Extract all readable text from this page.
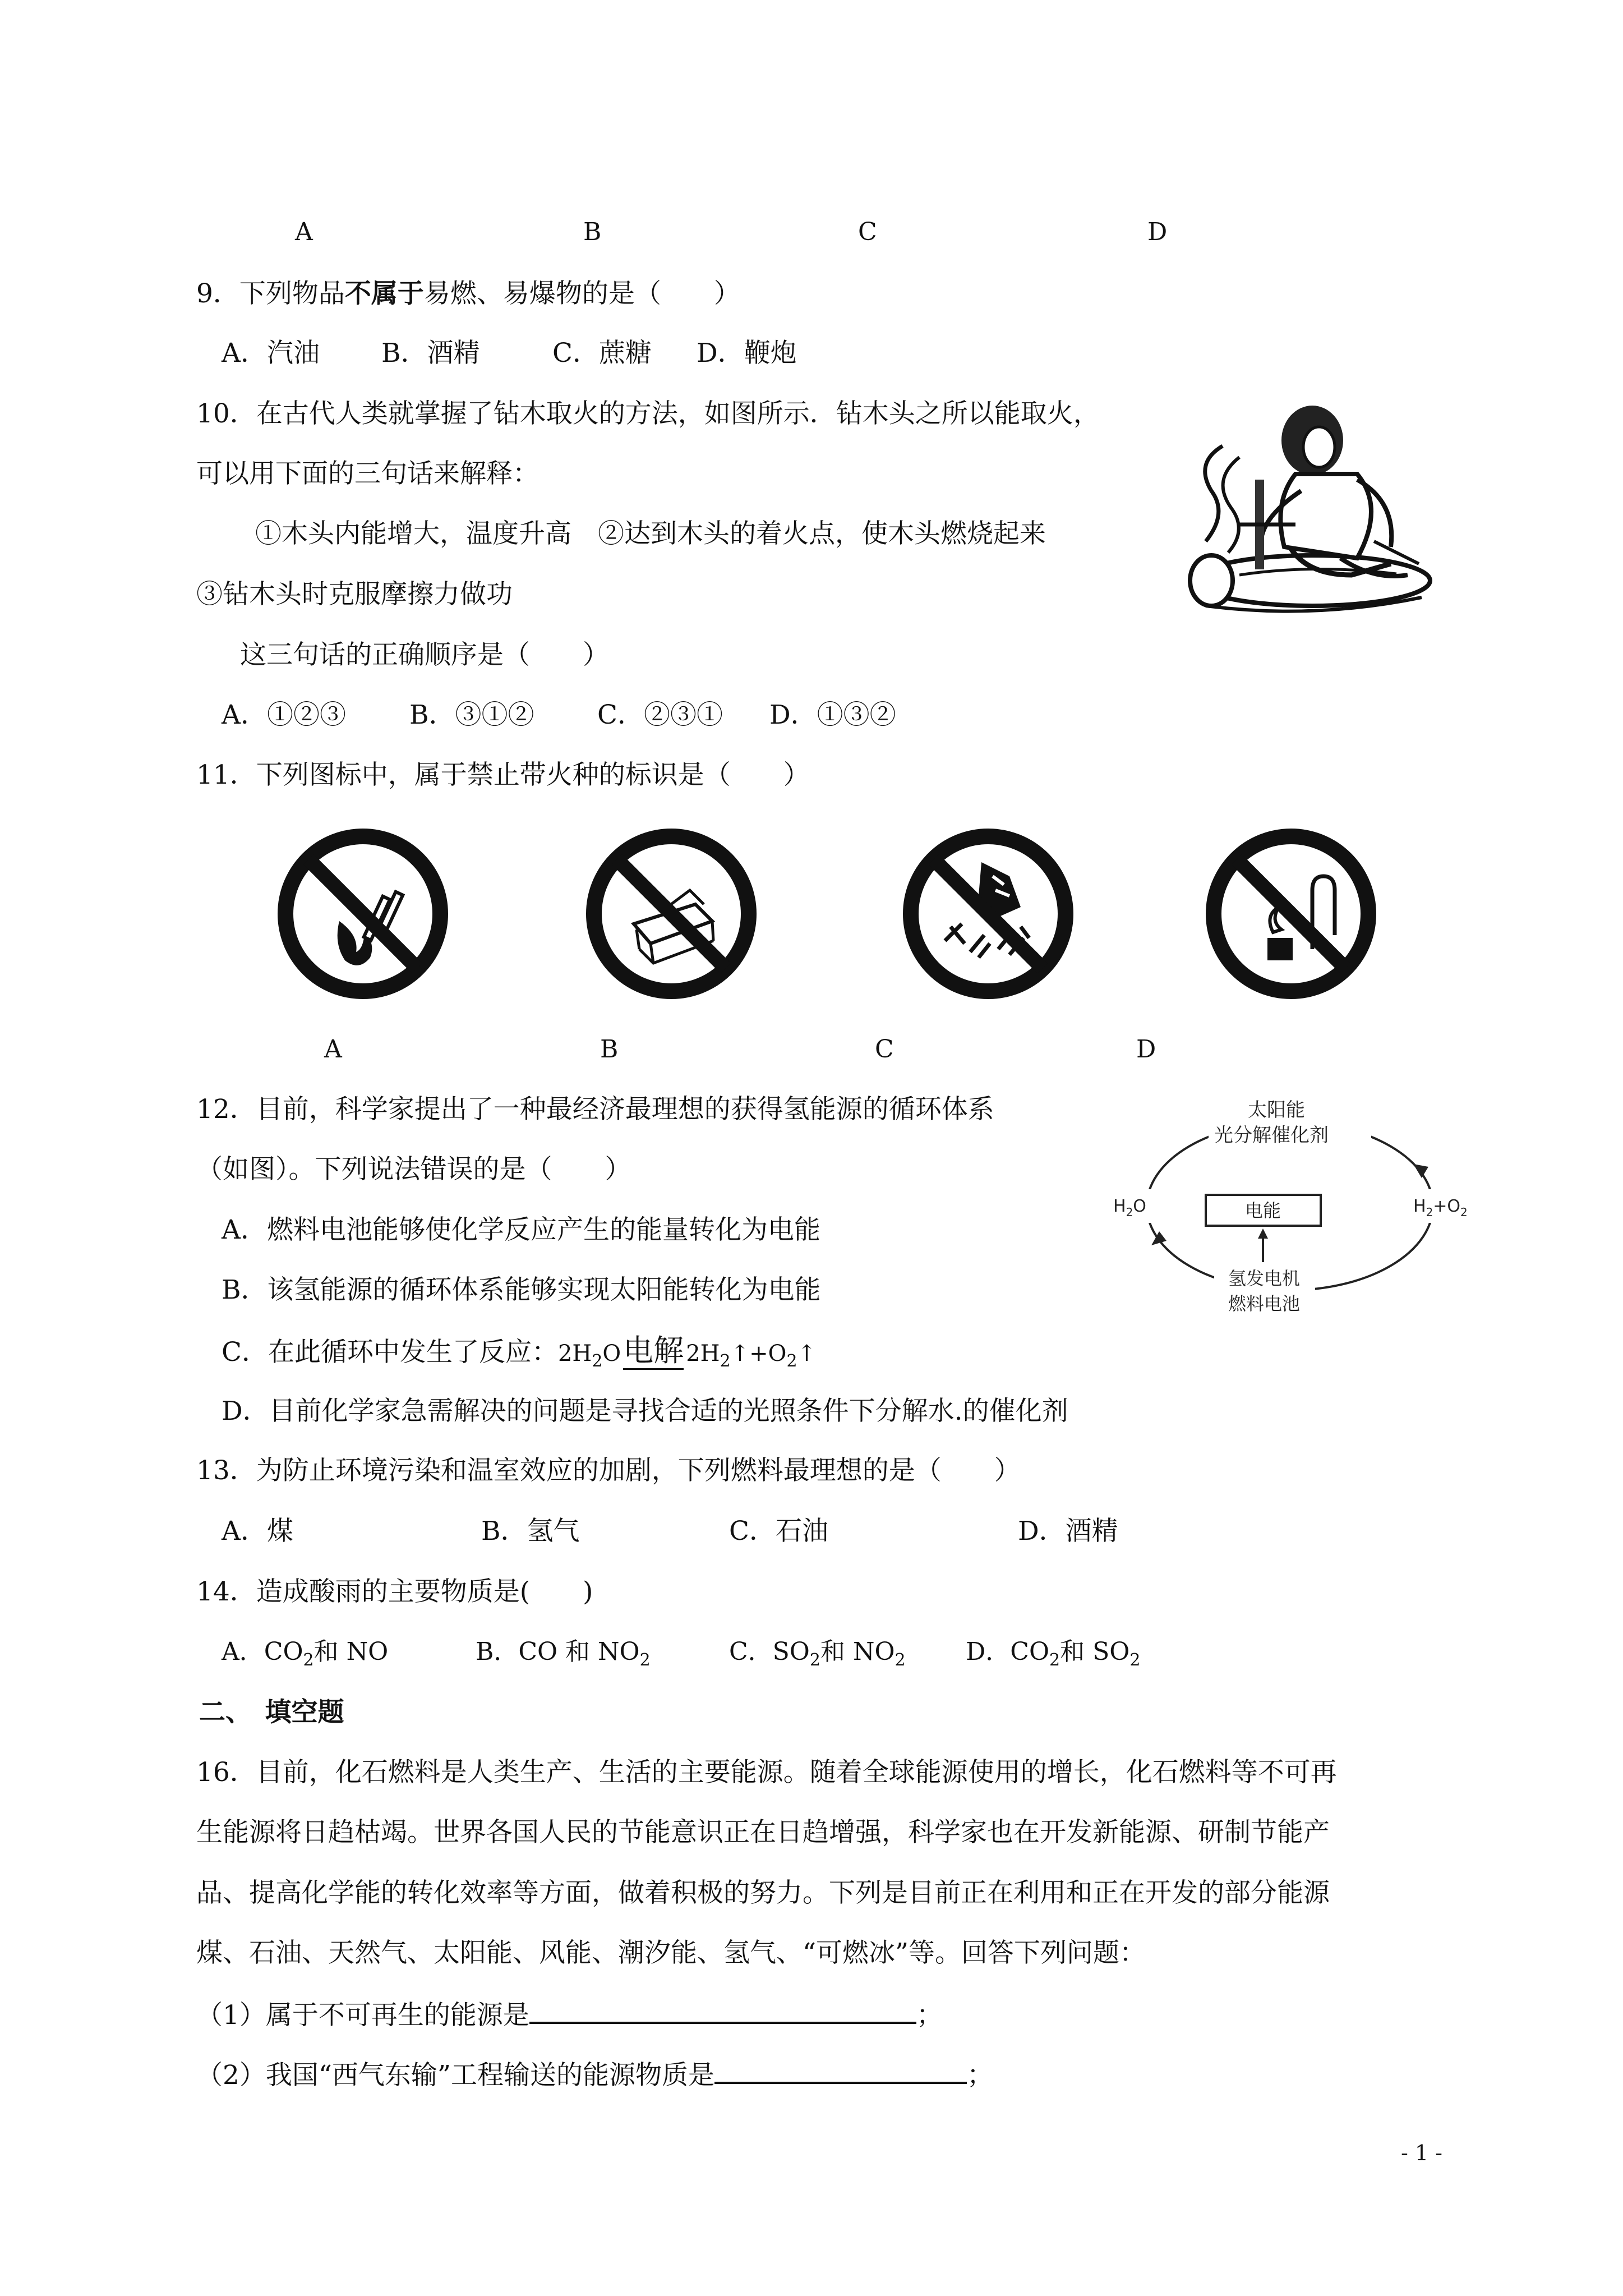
A	B	C	D
9．下列物品不属于易燃、易爆物的是（　　）
A．汽油 B．酒精	C．蔗糖 D．鞭炮
10．在古代人类就掌握了钻木取火的方法，如图所示．钻木头之所以能取火，
可以用下面的三句话来解释：
①木头内能增大，温度升高　②达到木头的着火点，使木头燃烧起来
③钻木头时克服摩擦力做功
这三句话的正确顺序是（　　）
A．①②③ B．③①② C．②③① D．①③②
11．下列图标中，属于禁止带火种的标识是（　　）
A	B	C	D
12．目前，科学家提出了一种最经济最理想的获得氢能源的循环体系
（如图）。下列说法错误的是（　　）
A．燃料电池能够使化学反应产生的能量转化为电能
B．该氢能源的循环体系能够实现太阳能转化为电能
C．在此循环中发生了反应：$2H_2O$电解 $2H_2↑+O_2↑$
D．目前化学家急需解决的问题是寻找合适的光照条件下分解水.的催化剂
太阳能
光分解催化剂
$H_2O$	$H_2+O_2$
电能
氢发电机
燃料电池
13．为防止环境污染和温室效应的加剧，下列燃料最理想的是（　　）
A．煤	B．氢气	C．石油	D．酒精
14．造成酸雨的主要物质是(　　)
A．$CO_2$和 NO	B．CO 和 $NO_2$	C．$SO_2$和 $NO_2$ D．$CO_2$和 $SO_2$
二、　填空题
16．目前，化石燃料是人类生产、生活的主要能源。随着全球能源使用的增长，化石燃料等不可再
生能源将日趋枯竭。世界各国人民的节能意识正在日趋增强，科学家也在开发新能源、研制节能产
品、提高化学能的转化效率等方面，做着积极的努力。下列是目前正在利用和正在开发的部分能源
煤、石油、天然气、太阳能、风能、潮汐能、氢气、“可燃冰”等。回答下列问题：
（1）属于不可再生的能源是	；
（2）我国“西气东输”工程输送的能源物质是	；
- 1 -
